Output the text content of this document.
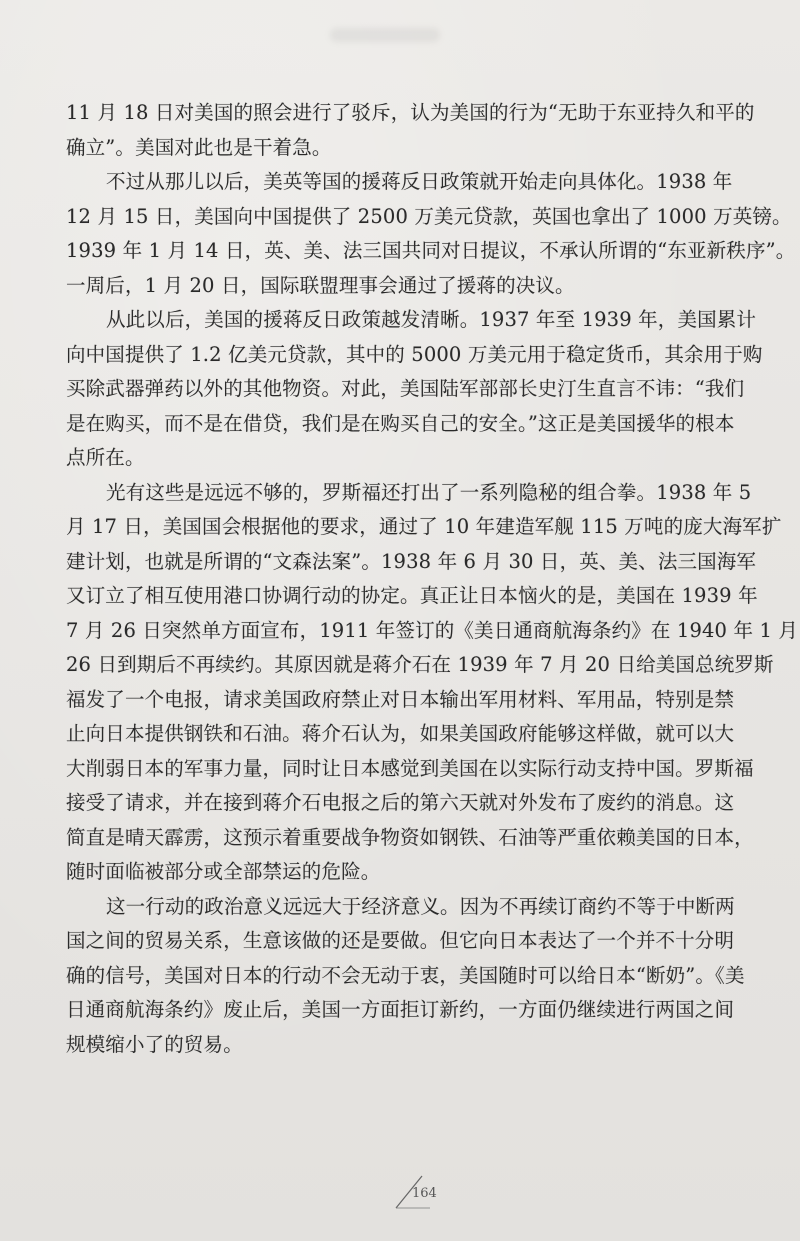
11 月 18 日对美国的照会进行了驳斥，认为美国的行为“无助于东亚持久和平的
确立”。美国对此也是干着急。
不过从那儿以后，美英等国的援蒋反日政策就开始走向具体化。1938 年
12 月 15 日，美国向中国提供了 2500 万美元贷款，英国也拿出了 1000 万英镑。
1939 年 1 月 14 日，英、美、法三国共同对日提议，不承认所谓的“东亚新秩序”。
一周后，1 月 20 日，国际联盟理事会通过了援蒋的决议。
从此以后，美国的援蒋反日政策越发清晰。1937 年至 1939 年，美国累计
向中国提供了 1.2 亿美元贷款，其中的 5000 万美元用于稳定货币，其余用于购
买除武器弹药以外的其他物资。对此，美国陆军部部长史汀生直言不讳：“我们
是在购买，而不是在借贷，我们是在购买自己的安全。”这正是美国援华的根本
点所在。
光有这些是远远不够的，罗斯福还打出了一系列隐秘的组合拳。1938 年 5
月 17 日，美国国会根据他的要求，通过了 10 年建造军舰 115 万吨的庞大海军扩
建计划，也就是所谓的“文森法案”。1938 年 6 月 30 日，英、美、法三国海军
又订立了相互使用港口协调行动的协定。真正让日本恼火的是，美国在 1939 年
7 月 26 日突然单方面宣布，1911 年签订的《美日通商航海条约》在 1940 年 1 月
26 日到期后不再续约。其原因就是蒋介石在 1939 年 7 月 20 日给美国总统罗斯
福发了一个电报，请求美国政府禁止对日本输出军用材料、军用品，特别是禁
止向日本提供钢铁和石油。蒋介石认为，如果美国政府能够这样做，就可以大
大削弱日本的军事力量，同时让日本感觉到美国在以实际行动支持中国。罗斯福
接受了请求，并在接到蒋介石电报之后的第六天就对外发布了废约的消息。这
简直是晴天霹雳，这预示着重要战争物资如钢铁、石油等严重依赖美国的日本，
随时面临被部分或全部禁运的危险。
这一行动的政治意义远远大于经济意义。因为不再续订商约不等于中断两
国之间的贸易关系，生意该做的还是要做。但它向日本表达了一个并不十分明
确的信号，美国对日本的行动不会无动于衷，美国随时可以给日本“断奶”。《美
日通商航海条约》废止后，美国一方面拒订新约，一方面仍继续进行两国之间
规模缩小了的贸易。
164
